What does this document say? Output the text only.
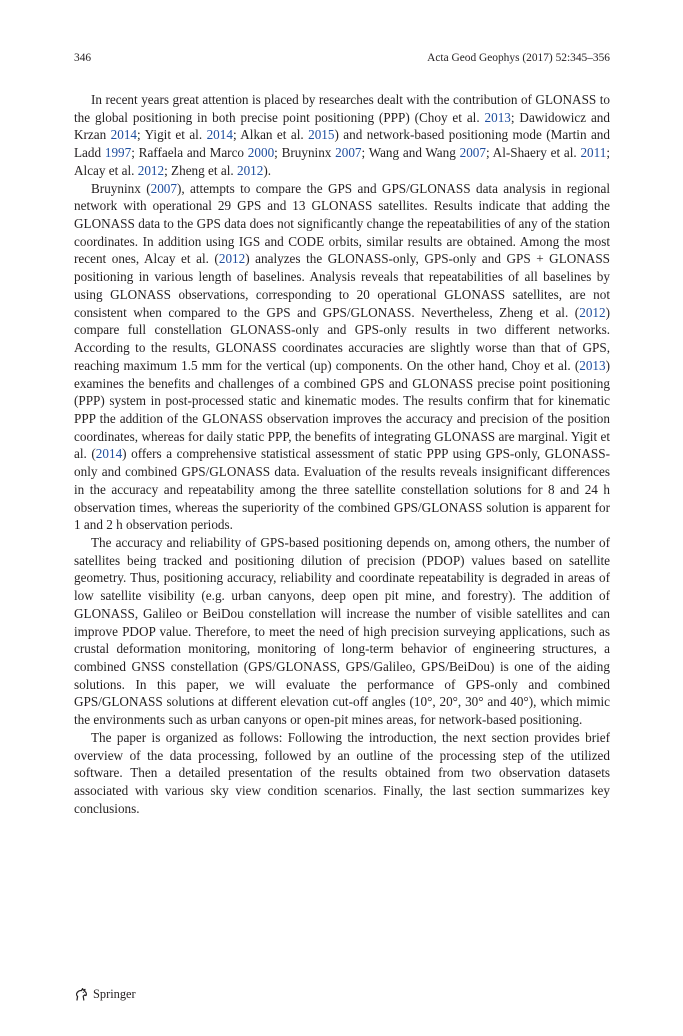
346	Acta Geod Geophys (2017) 52:345–356

In recent years great attention is placed by researches dealt with the contribution of GLONASS to the global positioning in both precise point positioning (PPP) (Choy et al. 2013; Dawidowicz and Krzan 2014; Yigit et al. 2014; Alkan et al. 2015) and network-based positioning mode (Martin and Ladd 1997; Raffaela and Marco 2000; Bruyninx 2007; Wang and Wang 2007; Al-Shaery et al. 2011; Alcay et al. 2012; Zheng et al. 2012).

Bruyninx (2007), attempts to compare the GPS and GPS/GLONASS data analysis in regional network with operational 29 GPS and 13 GLONASS satellites. Results indicate that adding the GLONASS data to the GPS data does not significantly change the repeatabilities of any of the station coordinates. In addition using IGS and CODE orbits, similar results are obtained. Among the most recent ones, Alcay et al. (2012) analyzes the GLONASS-only, GPS-only and GPS + GLONASS positioning in various length of baselines. Analysis reveals that repeatabilities of all baselines by using GLONASS observations, corresponding to 20 operational GLONASS satellites, are not consistent when compared to the GPS and GPS/GLONASS. Nevertheless, Zheng et al. (2012) compare full constellation GLONASS-only and GPS-only results in two different networks. According to the results, GLONASS coordinates accuracies are slightly worse than that of GPS, reaching maximum 1.5 mm for the vertical (up) components. On the other hand, Choy et al. (2013) examines the benefits and challenges of a combined GPS and GLONASS precise point positioning (PPP) system in post-processed static and kinematic modes. The results confirm that for kinematic PPP the addition of the GLONASS observation improves the accuracy and precision of the position coordinates, whereas for daily static PPP, the benefits of integrating GLONASS are marginal. Yigit et al. (2014) offers a comprehensive statistical assessment of static PPP using GPS-only, GLONASS-only and combined GPS/GLONASS data. Evaluation of the results reveals insignificant differences in the accuracy and repeatability among the three satellite constellation solutions for 8 and 24 h observation times, whereas the superiority of the combined GPS/GLONASS solution is apparent for 1 and 2 h observation periods.

The accuracy and reliability of GPS-based positioning depends on, among others, the number of satellites being tracked and positioning dilution of precision (PDOP) values based on satellite geometry. Thus, positioning accuracy, reliability and coordinate repeatability is degraded in areas of low satellite visibility (e.g. urban canyons, deep open pit mine, and forestry). The addition of GLONASS, Galileo or BeiDou constellation will increase the number of visible satellites and can improve PDOP value. Therefore, to meet the need of high precision surveying applications, such as crustal deformation monitoring, monitoring of long-term behavior of engineering structures, a combined GNSS constellation (GPS/GLONASS, GPS/Galileo, GPS/BeiDou) is one of the aiding solutions. In this paper, we will evaluate the performance of GPS-only and combined GPS/GLONASS solutions at different elevation cut-off angles (10°, 20°, 30° and 40°), which mimic the environments such as urban canyons or open-pit mines areas, for network-based positioning.

The paper is organized as follows: Following the introduction, the next section provides brief overview of the data processing, followed by an outline of the processing step of the utilized software. Then a detailed presentation of the results obtained from two observation datasets associated with various sky view condition scenarios. Finally, the last section summarizes key conclusions.

Springer
